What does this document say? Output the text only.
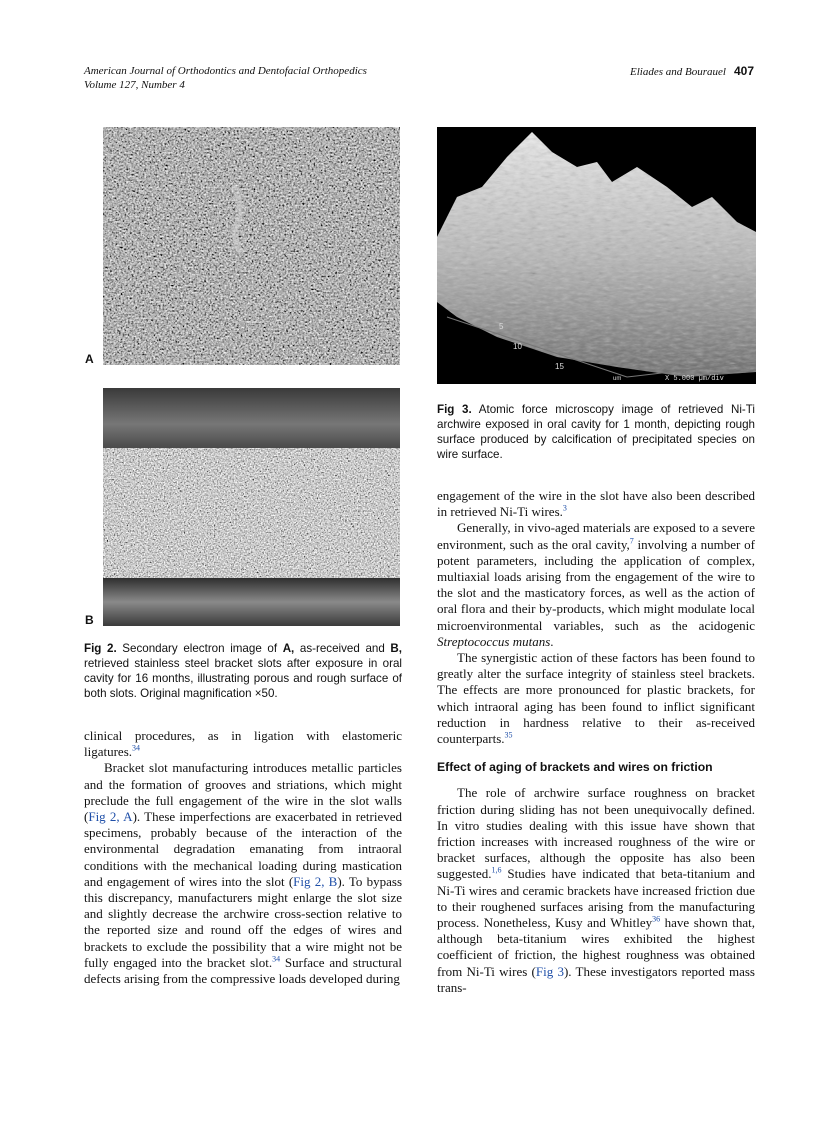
American Journal of Orthodontics and Dentofacial Orthopedics
Volume 127, Number 4
Eliades and Bourauel 407
A
B
Fig 2. Secondary electron image of A, as-received and B, retrieved stainless steel bracket slots after exposure in oral cavity for 16 months, illustrating porous and rough surface of both slots. Original magnification ×50.
5
10
15
um	X 5.000 µm/div
Fig 3. Atomic force microscopy image of retrieved Ni-Ti archwire exposed in oral cavity for 1 month, depicting rough surface produced by calcification of precipitated species on wire surface.

clinical procedures, as in ligation with elastomeric ligatures.$^{34}$

Bracket slot manufacturing introduces metallic particles and the formation of grooves and striations, which might preclude the full engagement of the wire in the slot walls (Fig 2, A). These imperfections are exacerbated in retrieved specimens, probably because of the interaction of the environmental degradation emanating from intraoral conditions with the mechanical loading during mastication and engagement of wires into the slot (Fig 2, B). To bypass this discrepancy, manufacturers might enlarge the slot size and slightly decrease the archwire cross-section relative to the reported size and round off the edges of wires and brackets to exclude the possibility that a wire might not be fully engaged into the bracket slot.$^{34}$ Surface and structural defects arising from the compressive loads developed during

engagement of the wire in the slot have also been described in retrieved Ni-Ti wires.$^3$

Generally, in vivo-aged materials are exposed to a severe environment, such as the oral cavity,$^7$ involving a number of potent parameters, including the application of complex, multiaxial loads arising from the engagement of the wire to the slot and the masticatory forces, as well as the action of oral flora and their by-products, which might modulate local microenvironmental variables, such as the acidogenic Streptococcus mutans.

The synergistic action of these factors has been found to greatly alter the surface integrity of stainless steel brackets. The effects are more pronounced for plastic brackets, for which intraoral aging has been found to inflict significant reduction in hardness relative to their as-received counterparts.$^{35}$

Effect of aging of brackets and wires on friction

The role of archwire surface roughness on bracket friction during sliding has not been unequivocally defined. In vitro studies dealing with this issue have shown that friction increases with increased roughness of the wire or bracket surfaces, although the opposite has also been suggested.$^{1,6}$ Studies have indicated that beta-titanium and Ni-Ti wires and ceramic brackets have increased friction due to their roughened surfaces arising from the manufacturing process. Nonetheless, Kusy and Whitley$^{36}$ have shown that, although beta-titanium wires exhibited the highest coefficient of friction, the highest roughness was obtained from Ni-Ti wires (Fig 3). These investigators reported mass trans-
